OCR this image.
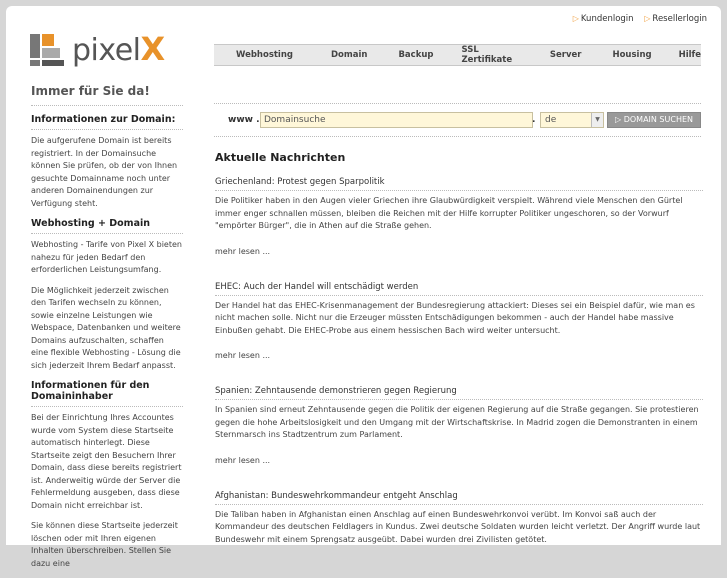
▷ Kundenlogin ▷ Resellerlogin
pixelX	Webhosting	Domain	Backup	SSL Zertifikate	Server	Housing	Hilfe
Immer für Sie da!
Informationen zur Domain:

Die aufgerufene Domain ist bereits registriert. In der Domainsuche können Sie prüfen, ob der von Ihnen gesuchte Domainname noch unter anderen Domainendungen zur Verfügung steht.

Webhosting + Domain

Webhosting - Tarife von Pixel X bieten nahezu für jeden Bedarf den erforderlichen Leistungsumfang.

Die Möglichkeit jederzeit zwischen den Tarifen wechseln zu können, sowie einzelne Leistungen wie Webspace, Datenbanken und weitere Domains aufzuschalten, schaffen eine flexible Webhosting - Lösung die sich jederzeit Ihrem Bedarf anpasst.

Informationen für den Domaininhaber

Bei der Einrichtung Ihres Accountes wurde vom System diese Startseite automatisch hinterlegt. Diese Startseite zeigt den Besuchern Ihrer Domain, dass diese bereits registriert ist. Anderweitig würde der Server die Fehlermeldung ausgeben, dass diese Domain nicht erreichbar ist.

Sie können diese Startseite jederzeit löschen oder mit Ihren eigenen Inhalten überschreiben. Stellen Sie dazu eine

www . Domainsuche	.	de	▼	▷ DOMAIN SUCHEN
Aktuelle Nachrichten
Griechenland: Protest gegen Sparpolitik

Die Politiker haben in den Augen vieler Griechen ihre Glaubwürdigkeit verspielt. Während viele Menschen den Gürtel immer enger schnallen müssen, bleiben die Reichen mit der Hilfe korrupter Politiker ungeschoren, so der Vorwurf "empörter Bürger", die in Athen auf die Straße gehen.

mehr lesen ...
EHEC: Auch der Handel will entschädigt werden

Der Handel hat das EHEC-Krisenmanagement der Bundesregierung attackiert: Dieses sei ein Beispiel dafür, wie man es nicht machen solle. Nicht nur die Erzeuger müssten Entschädigungen bekommen - auch der Handel habe massive Einbußen gehabt. Die EHEC-Probe aus einem hessischen Bach wird weiter untersucht.

mehr lesen ...
Spanien: Zehntausende demonstrieren gegen Regierung

In Spanien sind erneut Zehntausende gegen die Politik der eigenen Regierung auf die Straße gegangen. Sie protestieren gegen die hohe Arbeitslosigkeit und den Umgang mit der Wirtschaftskrise. In Madrid zogen die Demonstranten in einem Sternmarsch ins Stadtzentrum zum Parlament.

mehr lesen ...
Afghanistan: Bundeswehrkommandeur entgeht Anschlag

Die Taliban haben in Afghanistan einen Anschlag auf einen Bundeswehrkonvoi verübt. Im Konvoi saß auch der Kommandeur des deutschen Feldlagers in Kundus. Zwei deutsche Soldaten wurden leicht verletzt. Der Angriff wurde laut Bundeswehr mit einem Sprengsatz ausgeübt. Dabei wurden drei Zivilisten getötet.
